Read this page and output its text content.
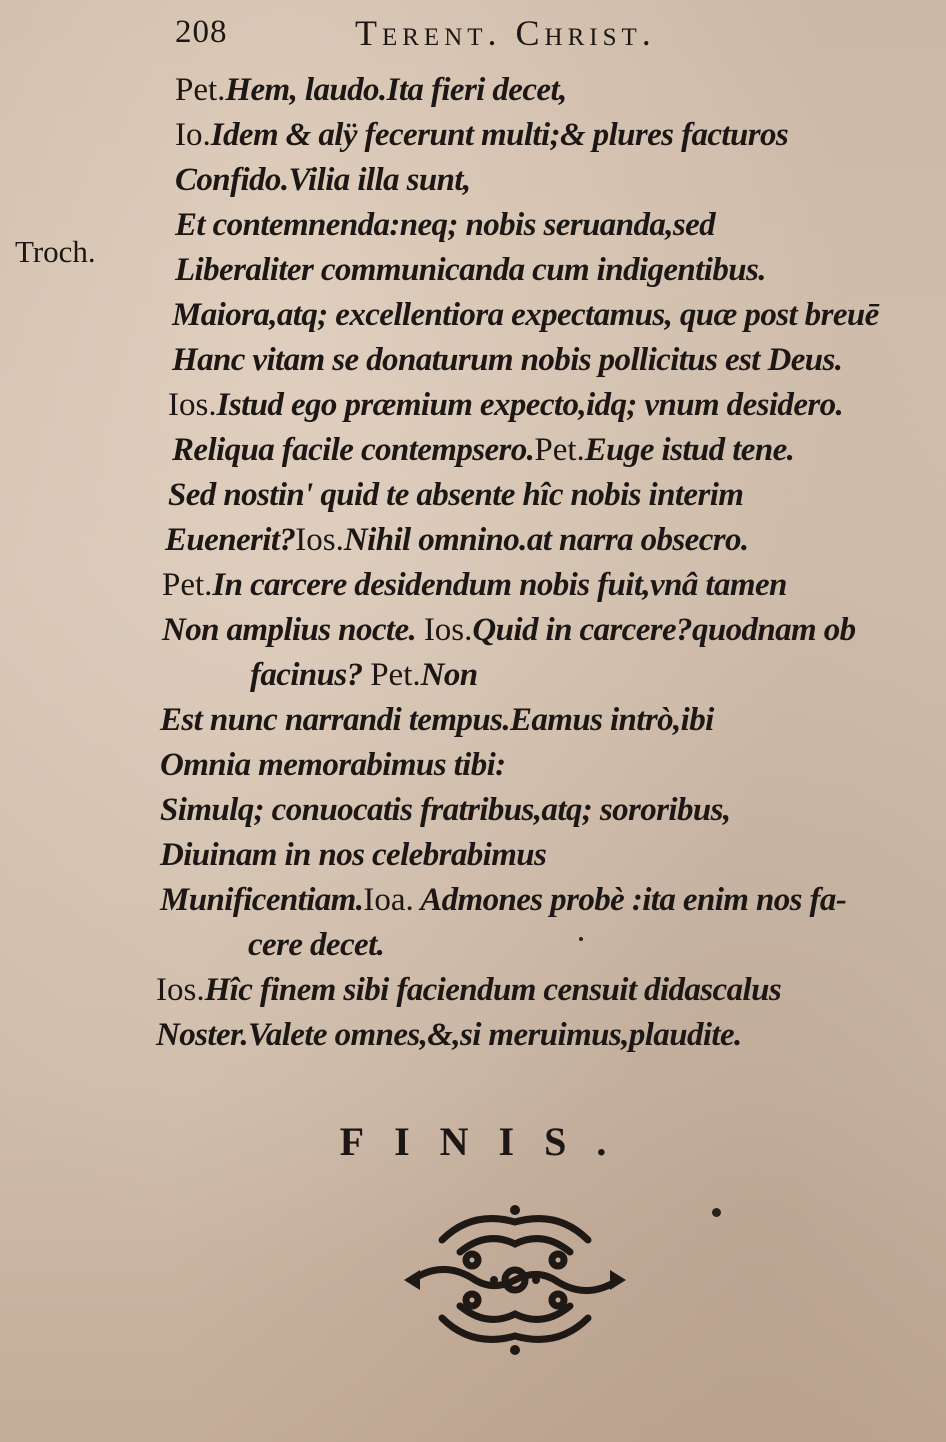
208	Terent. Christ.
Troch.
Pet.Hem, laudo.Ita fieri decet,
Io.Idem & alÿ fecerunt multi;& plures facturos
Confido.Vilia illa sunt,
Et contemnenda:neq; nobis seruanda,sed
Liberaliter communicanda cum indigentibus.
Maiora,atq; excellentiora expectamus, quæ post breuē
Hanc vitam se donaturum nobis pollicitus est Deus.
Ios.Istud ego præmium expecto,idq; vnum desidero.
Reliqua facile contempsero.Pet.Euge istud tene.
Sed nostin' quid te absente hîc nobis interim
Euenerit?Ios.Nihil omnino.at narra obsecro.
Pet.In carcere desidendum nobis fuit,vnâ tamen
Non amplius nocte. Ios.Quid in carcere?quodnam ob
facinus? Pet.Non
Est nunc narrandi tempus.Eamus intrò,ibi
Omnia memorabimus tibi:
Simulq; conuocatis fratribus,atq; sororibus,
Diuinam in nos celebrabimus
Munificentiam.Ioa. Admones probè :ita enim nos fa-
cere decet.
Ios.Hîc finem sibi faciendum censuit didascalus
Noster.Valete omnes,&,si meruimus,plaudite.
FINIS.
